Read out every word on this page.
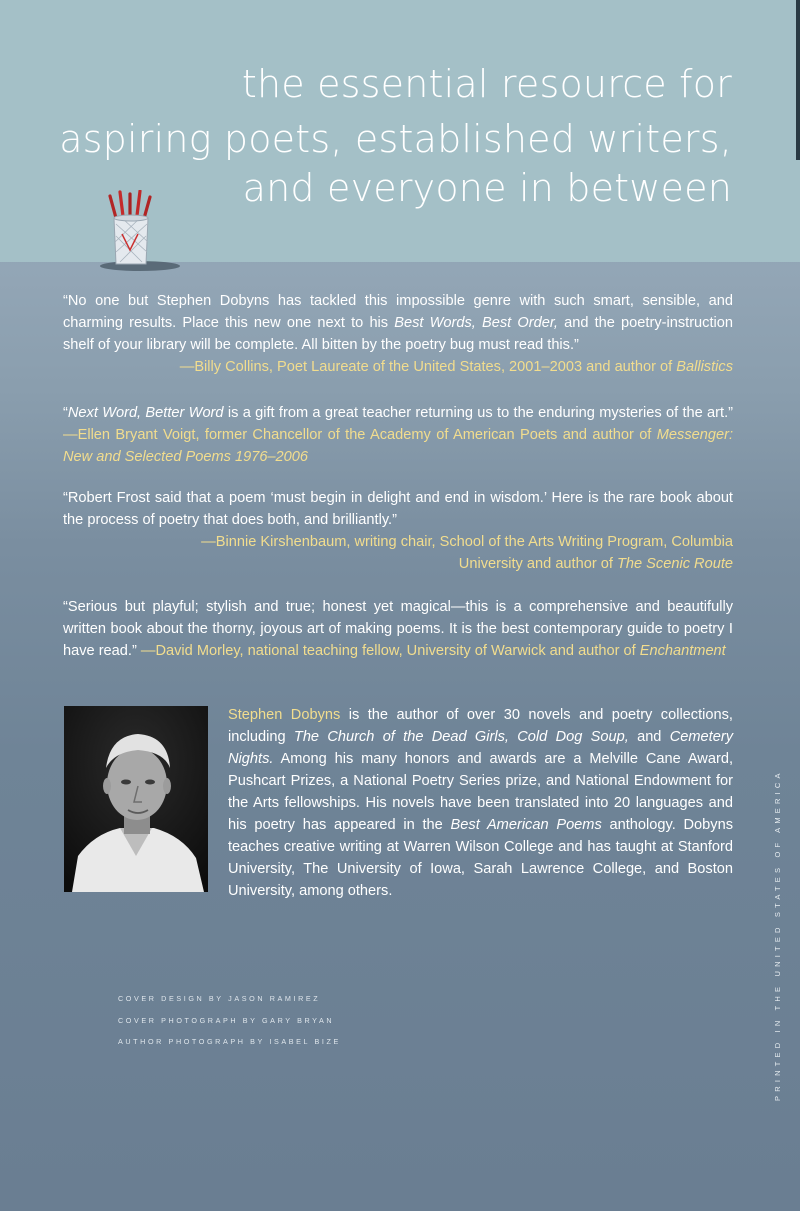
the essential resource for
aspiring poets, established writers,
and everyone in between

“No one but Stephen Dobyns has tackled this impossible genre with such smart, sensible, and charming results. Place this new one next to his Best Words, Best Order, and the poetry-instruction shelf of your library will be complete. All bitten by the poetry bug must read this.”

—Billy Collins, Poet Laureate of the United States, 2001–2003 and author of Ballistics

“Next Word, Better Word is a gift from a great teacher returning us to the enduring mysteries of the art.” —Ellen Bryant Voigt, former Chancellor of the Academy of American Poets and author of Messenger: New and Selected Poems 1976–2006

“Robert Frost said that a poem ‘must begin in delight and end in wisdom.’ Here is the rare book about the process of poetry that does both, and brilliantly.”

—Binnie Kirshenbaum, writing chair, School of the Arts Writing Program, Columbia University and author of The Scenic Route

“Serious but playful; stylish and true; honest yet magical—this is a comprehensive and beautifully written book about the thorny, joyous art of making poems. It is the best contemporary guide to poetry I have read.” —David Morley, national teaching fellow, University of Warwick and author of Enchantment

Stephen Dobyns is the author of over 30 novels and poetry collections, including The Church of the Dead Girls, Cold Dog Soup, and Cemetery Nights. Among his many honors and awards are a Melville Cane Award, Pushcart Prizes, a National Poetry Series prize, and National Endowment for the Arts fellowships. His novels have been translated into 20 languages and his poetry has appeared in the Best American Poems anthology. Dobyns teaches creative writing at Warren Wilson College and has taught at Stanford University, The University of Iowa, Sarah Lawrence College, and Boston University, among others.
COVER DESIGN BY JASON RAMIREZ
COVER PHOTOGRAPH BY GARY BRYAN
AUTHOR PHOTOGRAPH BY ISABEL BIZE	PRINTED IN THE UNITED STATES OF AMERICA
